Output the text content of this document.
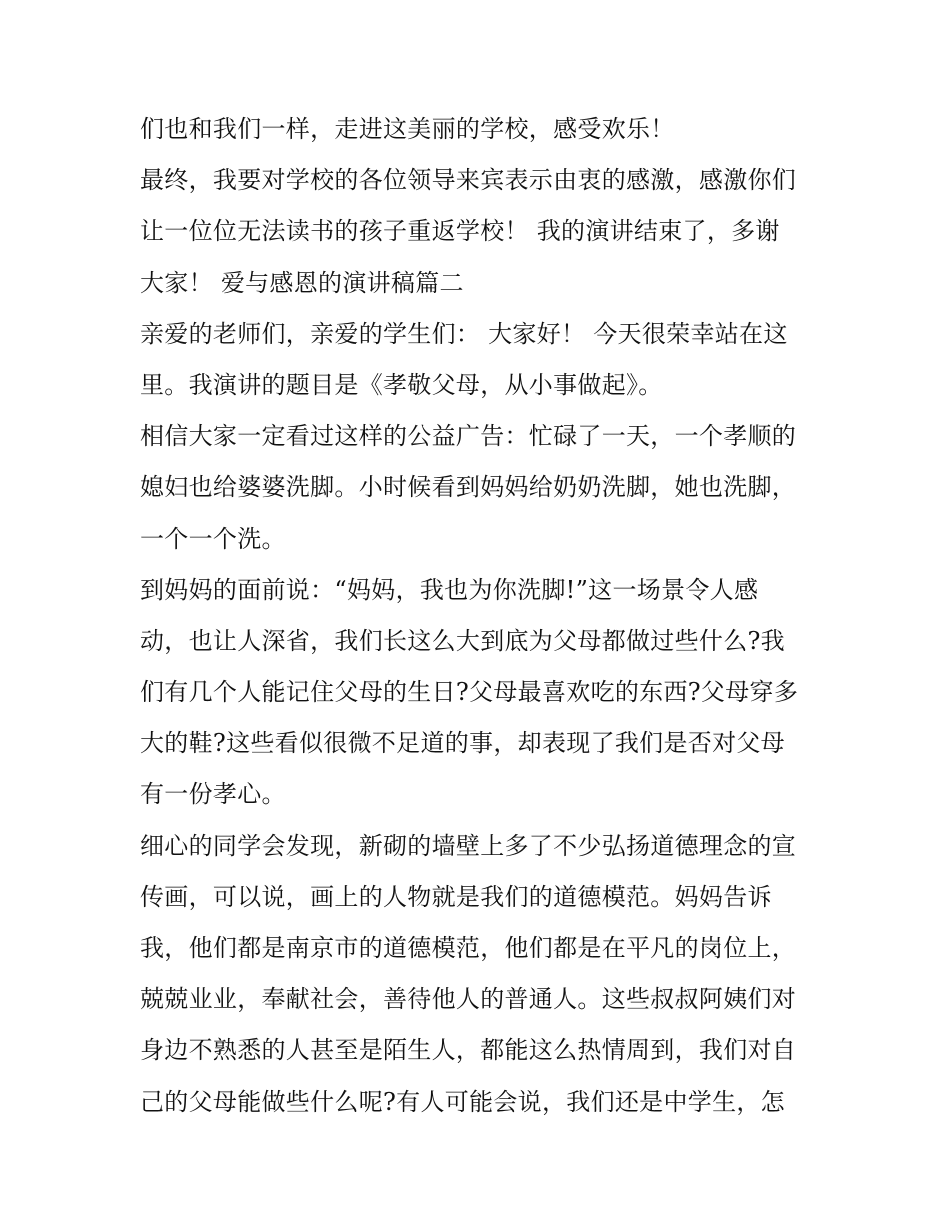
们也和我们一样，走进这美丽的学校，感受欢乐！
最终，我要对学校的各位领导来宾表示由衷的感激，感激你们
让一位位无法读书的孩子重返学校！ 我的演讲结束了，多谢
大家！ 爱与感恩的演讲稿篇二
亲爱的老师们，亲爱的学生们： 大家好！ 今天很荣幸站在这
里。我演讲的题目是《孝敬父母，从小事做起》。
相信大家一定看过这样的公益广告：忙碌了一天，一个孝顺的
媳妇也给婆婆洗脚。小时候看到妈妈给奶奶洗脚，她也洗脚，
一个一个洗。
到妈妈的面前说：“妈妈，我也为你洗脚!”这一场景令人感
动，也让人深省，我们长这么大到底为父母都做过些什么?我
们有几个人能记住父母的生日?父母最喜欢吃的东西?父母穿多
大的鞋?这些看似很微不足道的事，却表现了我们是否对父母
有一份孝心。
细心的同学会发现，新砌的墙壁上多了不少弘扬道德理念的宣
传画，可以说，画上的人物就是我们的道德模范。妈妈告诉
我，他们都是南京市的道德模范，他们都是在平凡的岗位上，
兢兢业业，奉献社会，善待他人的普通人。这些叔叔阿姨们对
身边不熟悉的人甚至是陌生人，都能这么热情周到，我们对自
己的父母能做些什么呢?有人可能会说，我们还是中学生，怎
